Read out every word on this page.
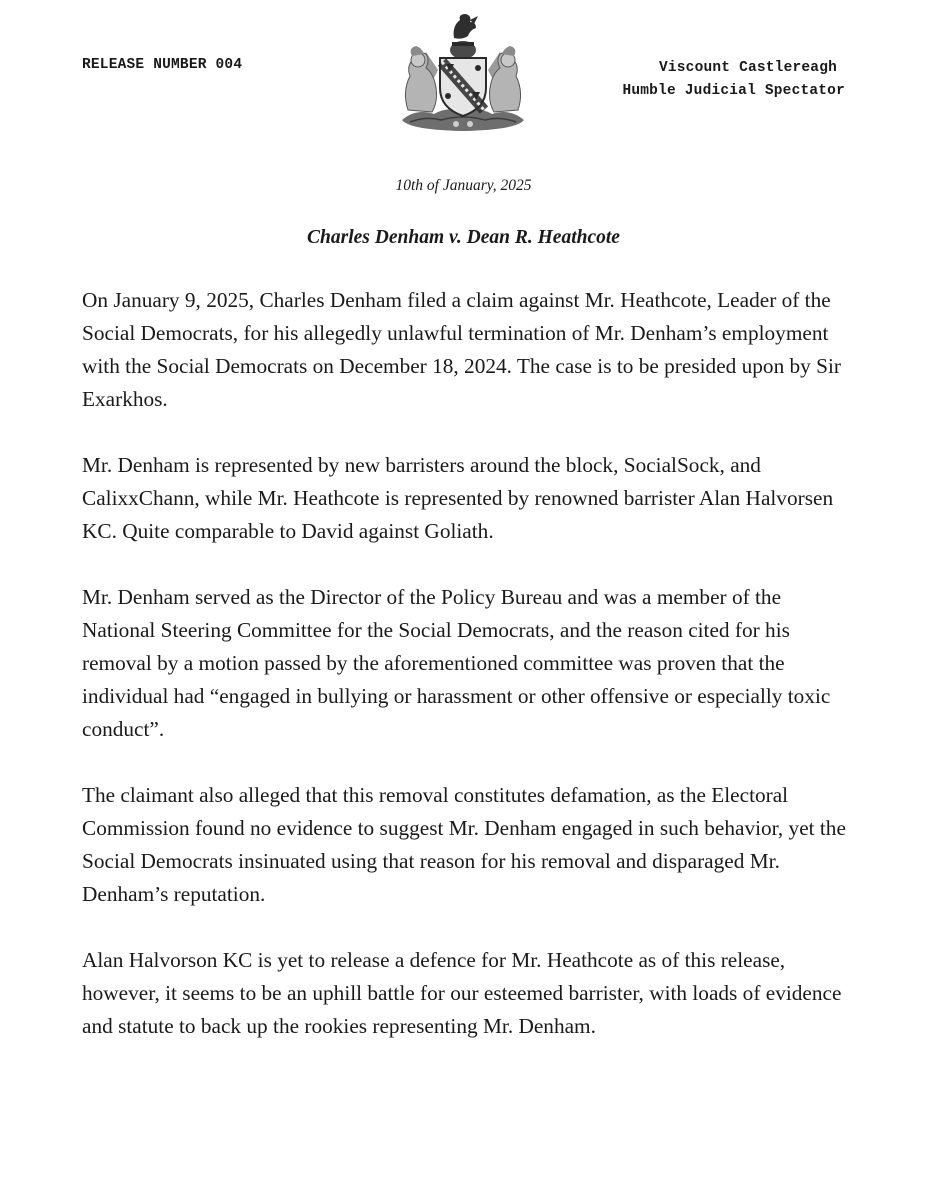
RELEASE NUMBER 004	Viscount Castlereagh
Humble Judicial Spectator
10th of January, 2025
Charles Denham v. Dean R. Heathcote

On January 9, 2025, Charles Denham filed a claim against Mr. Heathcote, Leader of the Social Democrats, for his allegedly unlawful termination of Mr. Denham’s employment with the Social Democrats on December 18, 2024. The case is to be presided upon by Sir Exarkhos.

Mr. Denham is represented by new barristers around the block, SocialSock, and CalixxChann, while Mr. Heathcote is represented by renowned barrister Alan Halvorsen KC. Quite comparable to David against Goliath.

Mr. Denham served as the Director of the Policy Bureau and was a member of the National Steering Committee for the Social Democrats, and the reason cited for his removal by a motion passed by the aforementioned committee was proven that the individual had “engaged in bullying or harassment or other offensive or especially toxic conduct”.

The claimant also alleged that this removal constitutes defamation, as the Electoral Commission found no evidence to suggest Mr. Denham engaged in such behavior, yet the Social Democrats insinuated using that reason for his removal and disparaged Mr. Denham’s reputation.

Alan Halvorson KC is yet to release a defence for Mr. Heathcote as of this release, however, it seems to be an uphill battle for our esteemed barrister, with loads of evidence and statute to back up the rookies representing Mr. Denham.
